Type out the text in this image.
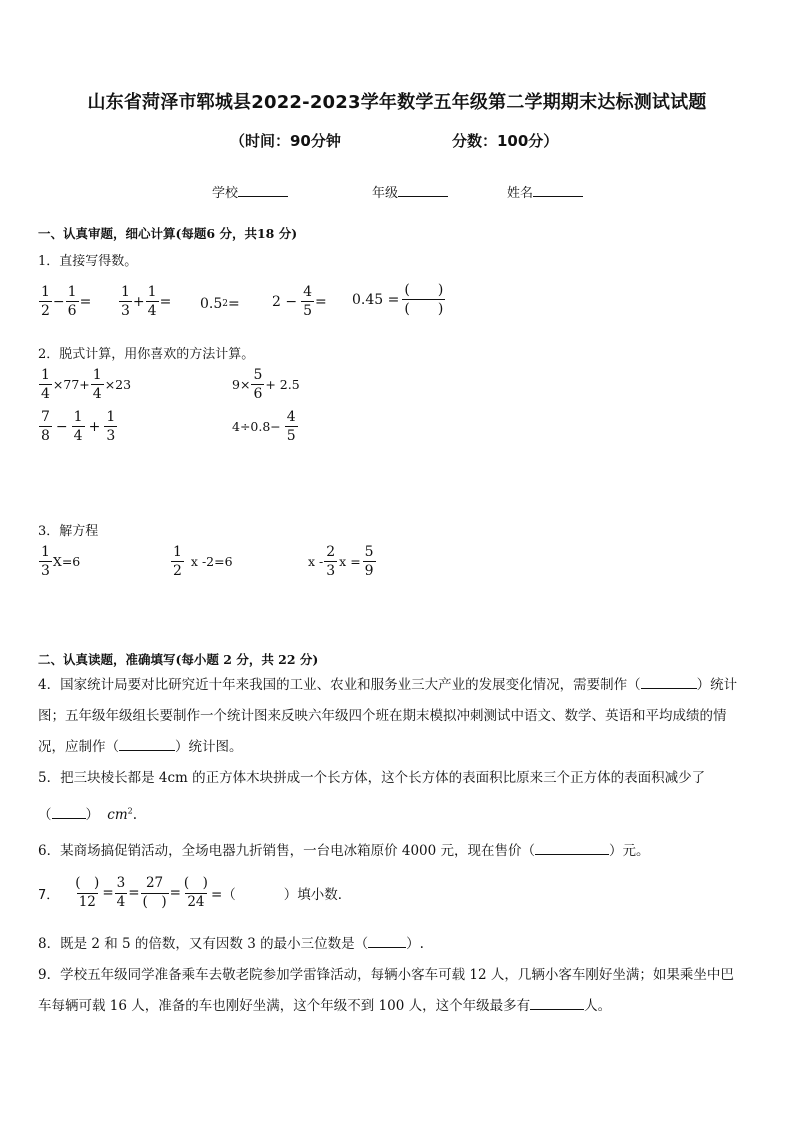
山东省菏泽市郓城县2022-2023学年数学五年级第二学期期末达标测试试题
（时间：90分钟	分数：100分）
学校	年级	姓名
一、认真审题，细心计算(每题6 分，共18 分)
1．直接写得数。
$\frac{1}{2} - \frac{1}{6} = \frac{1}{3} + \frac{1}{4} = 0.5$ $2 = 2 - \frac{4}{5} = 0.45 = \frac{( )}{( )}$
2．脱式计算，用你喜欢的方法计算。
$\frac{1}{4} \times 77+ \frac{1}{4} \times 23$	$9\times \frac{5}{6} + 2.5$
$\frac{7}{8} - \frac{1}{4} + \frac{1}{3}$	$4\div 0.8- \frac{4}{5}$
3．解方程
$\frac{1}{3} X=6$	$\frac{1}{2}$ x -2=6	x - $\frac{2}{3}$ $x = \frac{5}{9}$
二、认真读题，准确填写(每小题 2 分，共 22 分)
4．国家统计局要对比研究近十年来我国的工业、农业和服务业三大产业的发展变化情况，需要制作（	）统计
图；五年级年级组长要制作一个统计图来反映六年级四个班在期末模拟冲刺测试中语文、数学、英语和平均成绩的情
况，应制作（	）统计图。
5．把三块棱长都是 4cm 的正方体木块拼成一个长方体，这个长方体的表面积比原来三个正方体的表面积减少了
（	） $cm^2$.
6．某商场搞促销活动，全场电器九折销售，一台电冰箱原价 4000 元，现在售价（	）元。
7． $\frac{( )}{12} = \frac{3}{4} = \frac{27}{( )} = \frac{( )}{24}$ =（	）填小数．
8．既是 2 和 5 的倍数，又有因数 3 的最小三位数是（	）.
9．学校五年级同学准备乘车去敬老院参加学雷锋活动，每辆小客车可载 12 人，几辆小客车刚好坐满；如果乘坐中巴
车每辆可载 16 人，准备的车也刚好坐满，这个年级不到 100 人，这个年级最多有	人。
